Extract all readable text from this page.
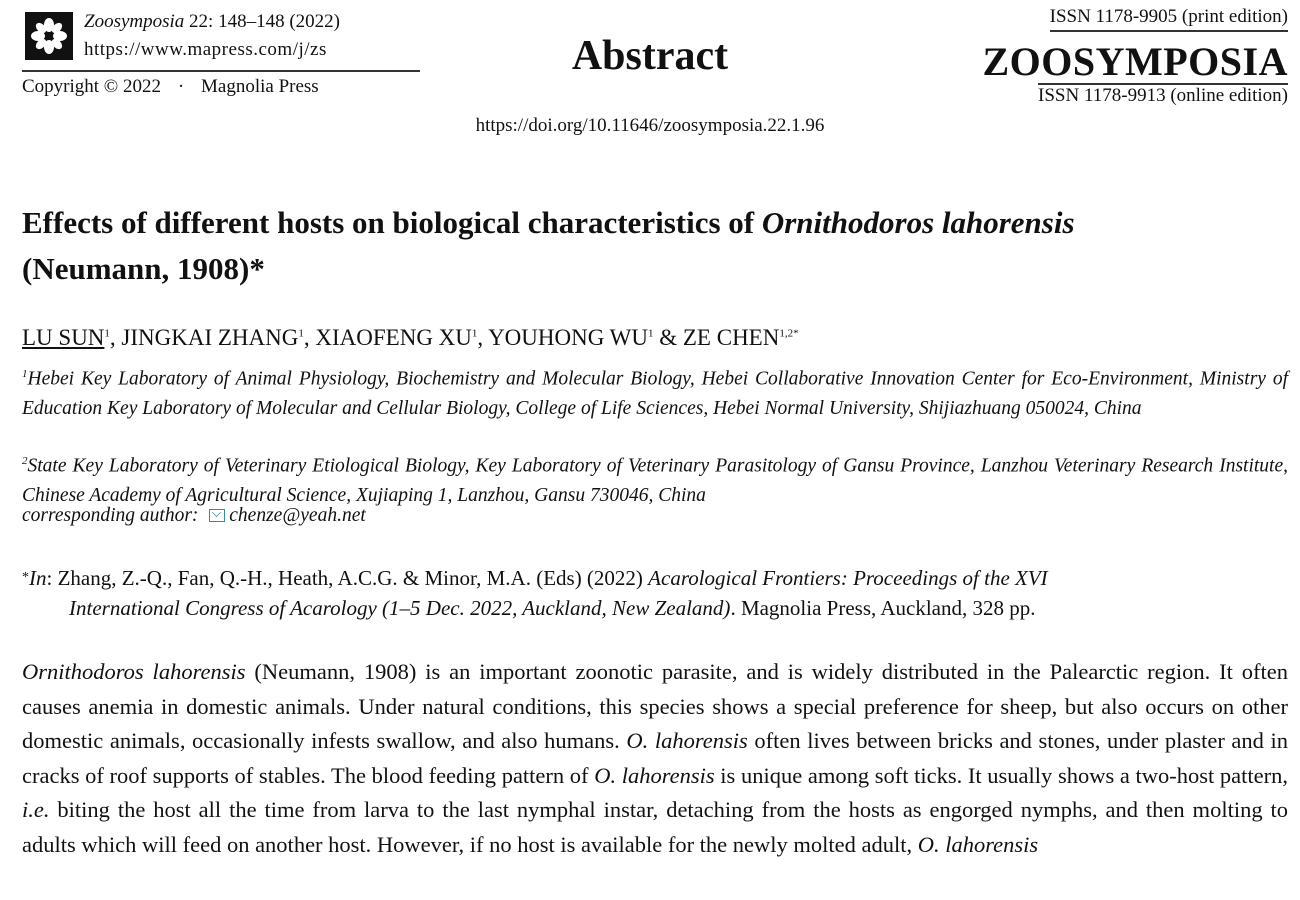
Zoosymposia 22: 148–148 (2022)
https://www.mapress.com/j/zs
Copyright © 2022 · Magnolia Press
Abstract
ISSN 1178-9905 (print edition)
ZOOSYMPOSIA
ISSN 1178-9913 (online edition)
https://doi.org/10.11646/zoosymposia.22.1.96
Effects of different hosts on biological characteristics of Ornithodoros lahorensis
(Neumann, 1908)*
LU SUN$^1$, JINGKAI ZHANG$^1$, XIAOFENG $XU^1$, YOUHONG $WU^1$ & ZE $CHEN^{1,2*}$
$^1$Hebei Key Laboratory of Animal Physiology, Biochemistry and Molecular Biology, Hebei Collaborative Innovation Center for Eco-Environment, Ministry of Education Key Laboratory of Molecular and Cellular Biology, College of Life Sciences, Hebei Normal University, Shijiazhuang 050024, China
$^2$State Key Laboratory of Veterinary Etiological Biology, Key Laboratory of Veterinary Parasitology of Gansu Province, Lanzhou Veterinary Research Institute, Chinese Academy of Agricultural Science, Xujiaping 1, Lanzhou, Gansu 730046, China
corresponding author: chenze@yeah.net
*In: Zhang, Z.-Q., Fan, Q.-H., Heath, A.C.G. & Minor, M.A. (Eds) (2022) Acarological Frontiers: Proceedings of the XVI
International Congress of Acarology (1–5 Dec. 2022, Auckland, New Zealand). Magnolia Press, Auckland, 328 pp.
Ornithodoros lahorensis (Neumann, 1908) is an important zoonotic parasite, and is widely distributed in the Palearctic region. It often causes anemia in domestic animals. Under natural conditions, this species shows a special preference for sheep, but also occurs on other domestic animals, occasionally infests swallow, and also humans. O. lahorensis often lives between bricks and stones, under plaster and in cracks of roof supports of stables. The blood feeding pattern of O. lahorensis is unique among soft ticks. It usually shows a two-host pattern, i.e. biting the host all the time from larva to the last nymphal instar, detaching from the hosts as engorged nymphs, and then molting to adults which will feed on another host. However, if no host is available for the newly molted adult, O. lahorensis
